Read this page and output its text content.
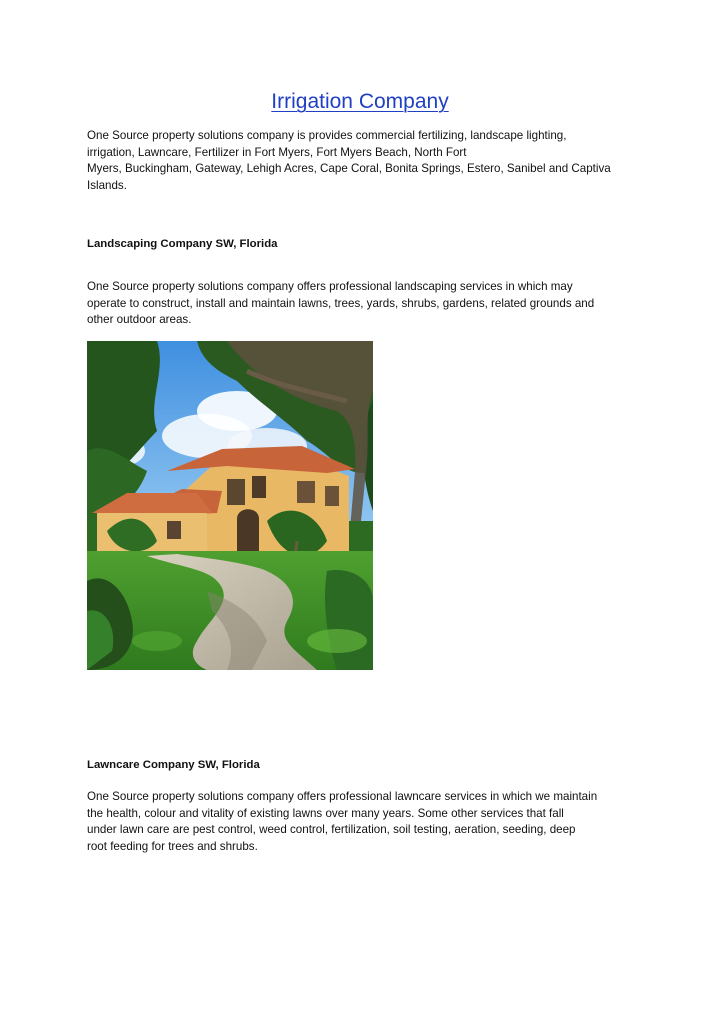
Irrigation Company

One Source property solutions company is provides commercial fertilizing, landscape lighting,
irrigation, Lawncare, Fertilizer in Fort Myers, Fort Myers Beach, North Fort
Myers, Buckingham, Gateway, Lehigh Acres, Cape Coral, Bonita Springs, Estero, Sanibel and Captiva
Islands.

Landscaping Company SW, Florida

One Source property solutions company offers professional landscaping services in which may
operate to construct, install and maintain lawns, trees, yards, shrubs, gardens, related grounds and
other outdoor areas.

Lawncare Company SW, Florida

One Source property solutions company offers professional lawncare services in which we maintain
the health, colour and vitality of existing lawns over many years. Some other services that fall
under lawn care are pest control, weed control, fertilization, soil testing, aeration, seeding, deep
root feeding for trees and shrubs.
